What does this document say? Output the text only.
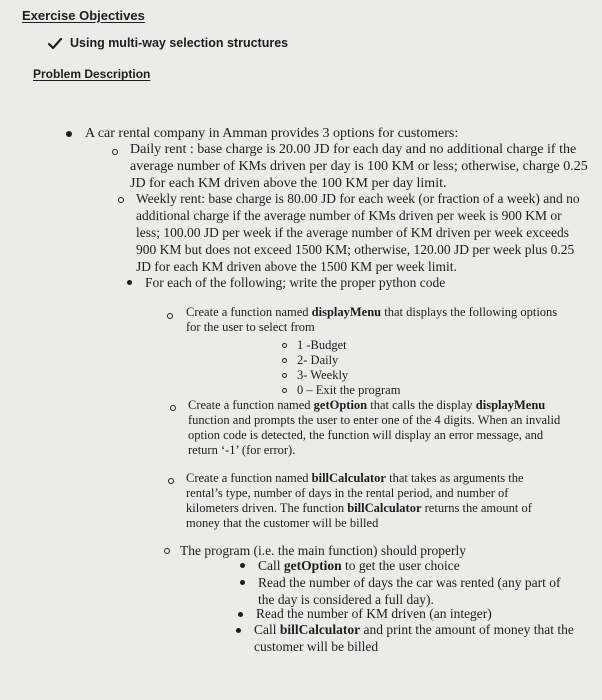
Exercise Objectives
Using multi-way selection structures
Problem Description
A car rental company in Amman provides 3 options for customers:
Daily rent : base charge is 20.00 JD for each day and no additional charge if the
average number of KMs driven per day is 100 KM or less; otherwise, charge 0.25
JD for each KM driven above the 100 KM per day limit.
Weekly rent: base charge is 80.00 JD for each week (or fraction of a week) and no
additional charge if the average number of KMs driven per week is 900 KM or
less; 100.00 JD per week if the average number of KM driven per week exceeds
900 KM but does not exceed 1500 KM; otherwise, 120.00 JD per week plus 0.25
JD for each KM driven above the 1500 KM per week limit.
For each of the following; write the proper python code
Create a function named displayMenu that displays the following options
for the user to select from
1 -Budget
2- Daily
3- Weekly
0 – Exit the program
Create a function named getOption that calls the display displayMenu
function and prompts the user to enter one of the 4 digits. When an invalid
option code is detected, the function will display an error message, and
return ‘-1’ (for error).
Create a function named billCalculator that takes as arguments the
rental’s type, number of days in the rental period, and number of
kilometers driven. The function billCalculator returns the amount of
money that the customer will be billed
The program (i.e. the main function) should properly
Call getOption to get the user choice
Read the number of days the car was rented (any part of
the day is considered a full day).
Read the number of KM driven (an integer)
Call billCalculator and print the amount of money that the
customer will be billed
